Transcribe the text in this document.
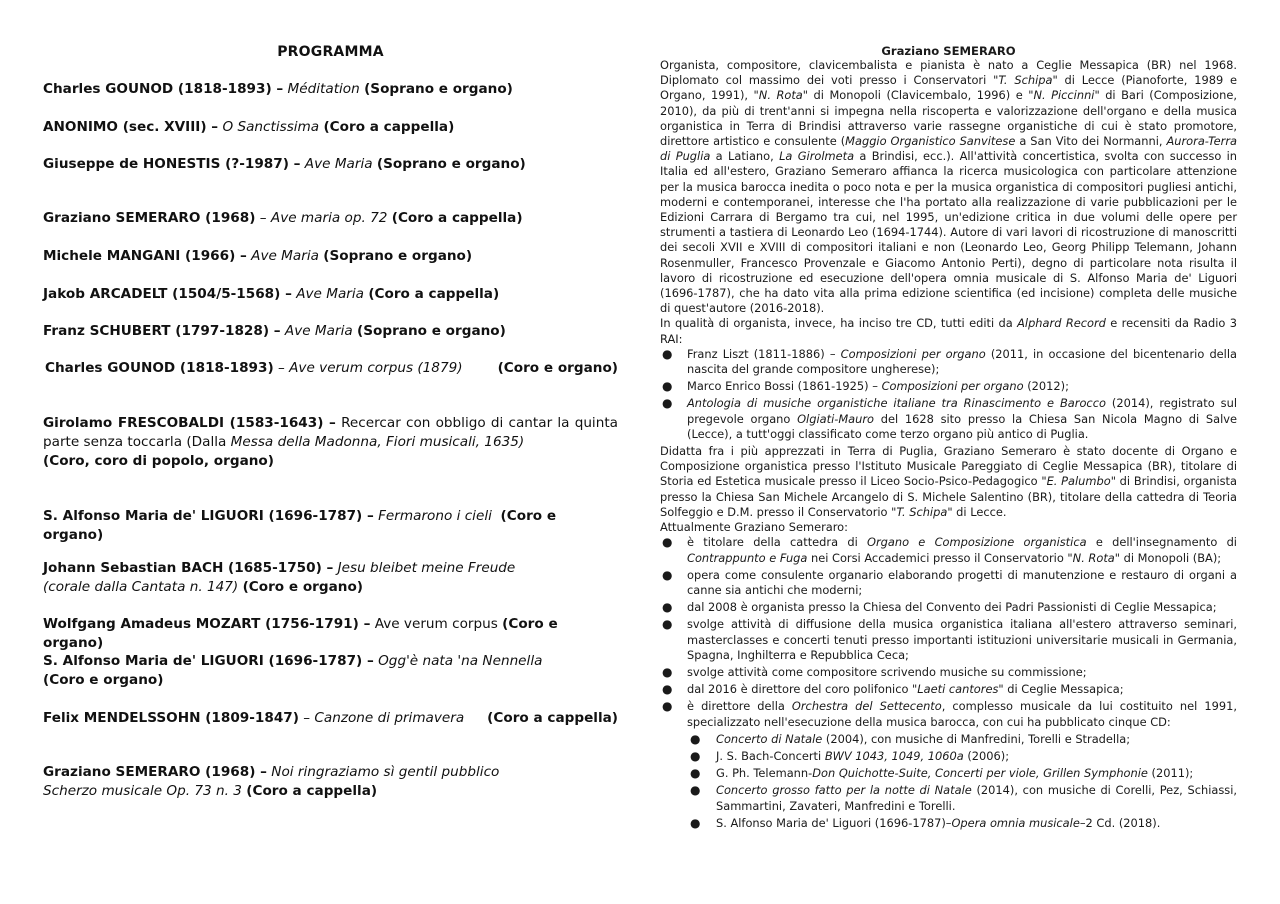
PROGRAMMA
Charles GOUNOD (1818-1893) – Méditation (Soprano e organo)
ANONIMO (sec. XVIII) – O Sanctissima (Coro a cappella)
Giuseppe de HONESTIS (?-1987) – Ave Maria (Soprano e organo)
Graziano SEMERARO (1968) – Ave maria op. 72 (Coro a cappella)
Michele MANGANI (1966) – Ave Maria (Soprano e organo)
Jakob ARCADELT (1504/5-1568) – Ave Maria (Coro a cappella)
Franz SCHUBERT (1797-1828) – Ave Maria (Soprano e organo)
Charles GOUNOD (1818-1893) – Ave verum corpus (1879)	(Coro e organo)
Girolamo FRESCOBALDI (1583-1643) – Recercar con obbligo di cantar la quinta parte senza toccarla (Dalla Messa della Madonna, Fiori musicali, 1635)
(Coro, coro di popolo, organo)
S. Alfonso Maria de' LIGUORI (1696-1787) – Fermarono i cieli (Coro e organo)
Johann Sebastian BACH (1685-1750) – Jesu bleibet meine Freude
(corale dalla Cantata n. 147) (Coro e organo)
Wolfgang Amadeus MOZART (1756-1791) – Ave verum corpus (Coro e organo)
S. Alfonso Maria de' LIGUORI (1696-1787) – Ogg'è nata 'na Nennella
(Coro e organo)
Felix MENDELSSOHN (1809-1847) – Canzone di primavera (Coro a cappella)
Graziano SEMERARO (1968) – Noi ringraziamo sì gentil pubblico
Scherzo musicale Op. 73 n. 3 (Coro a cappella)
Graziano SEMERARO

Organista, compositore, clavicembalista e pianista è nato a Ceglie Messapica (BR) nel 1968. Diplomato col massimo dei voti presso i Conservatori "T. Schipa" di Lecce (Pianoforte, 1989 e Organo, 1991), "N. Rota" di Monopoli (Clavicembalo, 1996) e "N. Piccinni" di Bari (Composizione, 2010), da più di trent'anni si impegna nella riscoperta e valorizzazione dell'organo e della musica organistica in Terra di Brindisi attraverso varie rassegne organistiche di cui è stato promotore, direttore artistico e consulente (Maggio Organistico Sanvitese a San Vito dei Normanni, Aurora-Terra di Puglia a Latiano, La Girolmeta a Brindisi, ecc.). All'attività concertistica, svolta con successo in Italia ed all'estero, Graziano Semeraro affianca la ricerca musicologica con particolare attenzione per la musica barocca inedita o poco nota e per la musica organistica di compositori pugliesi antichi, moderni e contemporanei, interesse che l'ha portato alla realizzazione di varie pubblicazioni per le Edizioni Carrara di Bergamo tra cui, nel 1995, un'edizione critica in due volumi delle opere per strumenti a tastiera di Leonardo Leo (1694-1744). Autore di vari lavori di ricostruzione di manoscritti dei secoli XVII e XVIII di compositori italiani e non (Leonardo Leo, Georg Philipp Telemann, Johann Rosenmuller, Francesco Provenzale e Giacomo Antonio Perti), degno di particolare nota risulta il lavoro di ricostruzione ed esecuzione dell'opera omnia musicale di S. Alfonso Maria de' Liguori (1696-1787), che ha dato vita alla prima edizione scientifica (ed incisione) completa delle musiche di quest'autore (2016-2018).

In qualità di organista, invece, ha inciso tre CD, tutti editi da Alphard Record e recensiti da Radio 3 RAI:

● Franz Liszt (1811-1886) – Composizioni per organo (2011, in occasione del bicentenario della nascita del grande compositore ungherese);
● Marco Enrico Bossi (1861-1925) – Composizioni per organo (2012);
● Antologia di musiche organistiche italiane tra Rinascimento e Barocco (2014), registrato sul pregevole organo Olgiati-Mauro del 1628 sito presso la Chiesa San Nicola Magno di Salve (Lecce), a tutt'oggi classificato come terzo organo più antico di Puglia.

Didatta fra i più apprezzati in Terra di Puglia, Graziano Semeraro è stato docente di Organo e Composizione organistica presso l'Istituto Musicale Pareggiato di Ceglie Messapica (BR), titolare di Storia ed Estetica musicale presso il Liceo Socio-Psico-Pedagogico "E. Palumbo" di Brindisi, organista presso la Chiesa San Michele Arcangelo di S. Michele Salentino (BR), titolare della cattedra di Teoria Solfeggio e D.M. presso il Conservatorio "T. Schipa" di Lecce.

Attualmente Graziano Semeraro:

● è titolare della cattedra di Organo e Composizione organistica e dell'insegnamento di Contrappunto e Fuga nei Corsi Accademici presso il Conservatorio "N. Rota" di Monopoli (BA);
● opera come consulente organario elaborando progetti di manutenzione e restauro di organi a canne sia antichi che moderni;
● dal 2008 è organista presso la Chiesa del Convento dei Padri Passionisti di Ceglie Messapica;
● svolge attività di diffusione della musica organistica italiana all'estero attraverso seminari, masterclasses e concerti tenuti presso importanti istituzioni universitarie musicali in Germania, Spagna, Inghilterra e Repubblica Ceca;
● svolge attività come compositore scrivendo musiche su commissione;
● dal 2016 è direttore del coro polifonico "Laeti cantores" di Ceglie Messapica;
● è direttore della Orchestra del Settecento, complesso musicale da lui costituito nel 1991, specializzato nell'esecuzione della musica barocca, con cui ha pubblicato cinque CD:
● Concerto di Natale (2004), con musiche di Manfredini, Torelli e Stradella;
● J. S. Bach-Concerti BWV 1043, 1049, 1060a (2006);
● G. Ph. Telemann-Don Quichotte-Suite, Concerti per viole, Grillen Symphonie (2011);
● Concerto grosso fatto per la notte di Natale (2014), con musiche di Corelli, Pez, Schiassi, Sammartini, Zavateri, Manfredini e Torelli.
● S. Alfonso Maria de' Liguori (1696-1787)–Opera omnia musicale–2 Cd. (2018).
